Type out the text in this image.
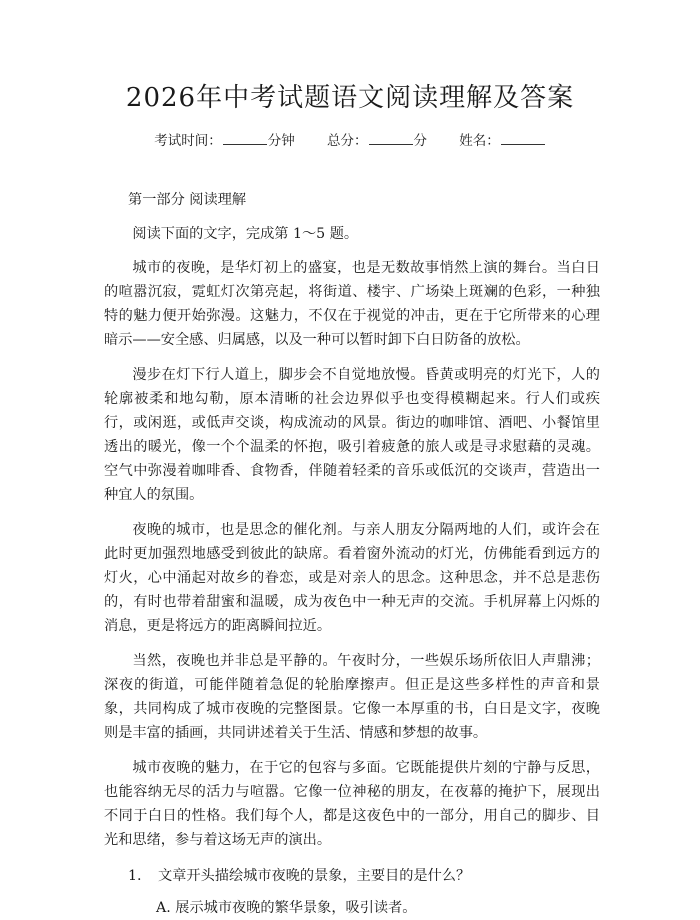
2026年中考试题语文阅读理解及答案
考试时间：	分钟 总分：	分 姓名：

第一部分 阅读理解

阅读下面的文字，完成第 1～5 题。

城市的夜晚，是华灯初上的盛宴，也是无数故事悄然上演的舞台。当白日的喧嚣沉寂，霓虹灯次第亮起，将街道、楼宇、广场染上斑斓的色彩，一种独特的魅力便开始弥漫。这魅力，不仅在于视觉的冲击，更在于它所带来的心理暗示——安全感、归属感，以及一种可以暂时卸下白日防备的放松。

漫步在灯下行人道上，脚步会不自觉地放慢。昏黄或明亮的灯光下，人的轮廓被柔和地勾勒，原本清晰的社会边界似乎也变得模糊起来。行人们或疾行，或闲逛，或低声交谈，构成流动的风景。街边的咖啡馆、酒吧、小餐馆里透出的暖光，像一个个温柔的怀抱，吸引着疲惫的旅人或是寻求慰藉的灵魂。空气中弥漫着咖啡香、食物香，伴随着轻柔的音乐或低沉的交谈声，营造出一种宜人的氛围。

夜晚的城市，也是思念的催化剂。与亲人朋友分隔两地的人们，或许会在此时更加强烈地感受到彼此的缺席。看着窗外流动的灯光，仿佛能看到远方的灯火，心中涌起对故乡的眷恋，或是对亲人的思念。这种思念，并不总是悲伤的，有时也带着甜蜜和温暖，成为夜色中一种无声的交流。手机屏幕上闪烁的消息，更是将远方的距离瞬间拉近。

当然，夜晚也并非总是平静的。午夜时分，一些娱乐场所依旧人声鼎沸；深夜的街道，可能伴随着急促的轮胎摩擦声。但正是这些多样性的声音和景象，共同构成了城市夜晚的完整图景。它像一本厚重的书，白日是文字，夜晚则是丰富的插画，共同讲述着关于生活、情感和梦想的故事。

城市夜晚的魅力，在于它的包容与多面。它既能提供片刻的宁静与反思，也能容纳无尽的活力与喧嚣。它像一位神秘的朋友，在夜幕的掩护下，展现出不同于白日的性格。我们每个人，都是这夜色中的一部分，用自己的脚步、目光和思绪，参与着这场无声的演出。

1. 文章开头描绘城市夜晚的景象，主要目的是什么？

A. 展示城市夜晚的繁华景象，吸引读者。
